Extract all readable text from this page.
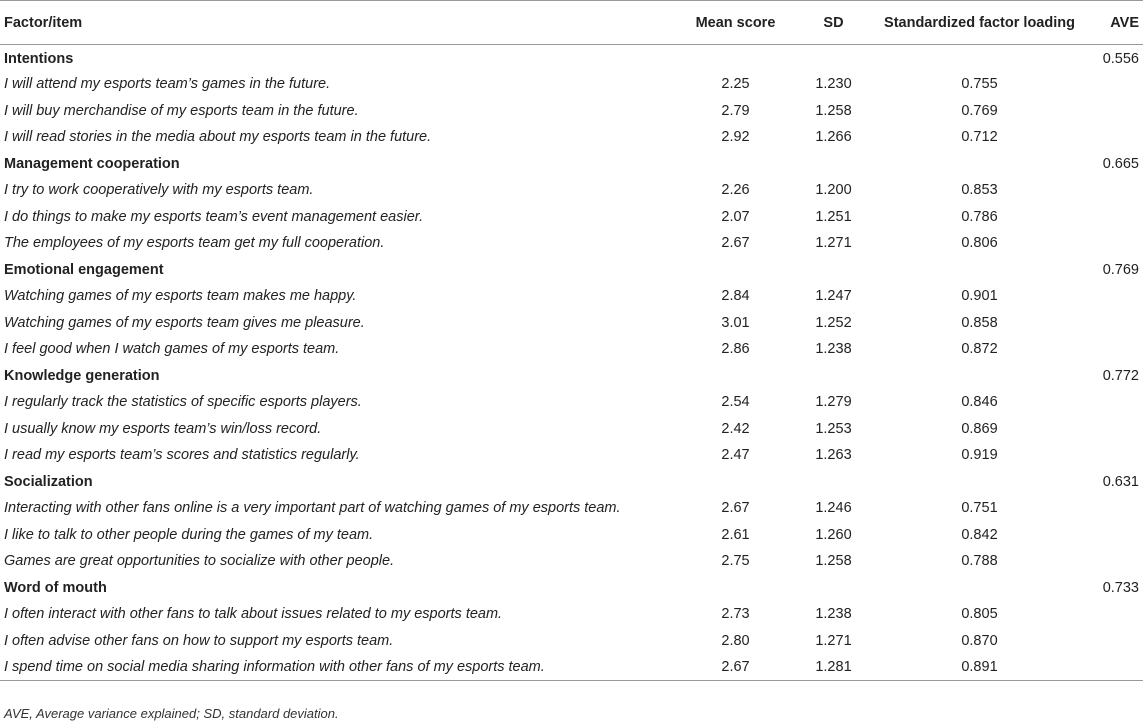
Factor/item	Mean score	SD	Standardized factor loading	AVE
Intentions				0.556
I will attend my esports team’s games in the future.	2.25	1.230	0.755	
I will buy merchandise of my esports team in the future.	2.79	1.258	0.769	
I will read stories in the media about my esports team in the future.	2.92	1.266	0.712	
Management cooperation				0.665
I try to work cooperatively with my esports team.	2.26	1.200	0.853	
I do things to make my esports team’s event management easier.	2.07	1.251	0.786	
The employees of my esports team get my full cooperation.	2.67	1.271	0.806	
Emotional engagement				0.769
Watching games of my esports team makes me happy.	2.84	1.247	0.901	
Watching games of my esports team gives me pleasure.	3.01	1.252	0.858	
I feel good when I watch games of my esports team.	2.86	1.238	0.872	
Knowledge generation				0.772
I regularly track the statistics of specific esports players.	2.54	1.279	0.846	
I usually know my esports team’s win/loss record.	2.42	1.253	0.869	
I read my esports team’s scores and statistics regularly.	2.47	1.263	0.919	
Socialization				0.631
Interacting with other fans online is a very important part of watching games of my esports team.	2.67	1.246	0.751	
I like to talk to other people during the games of my team.	2.61	1.260	0.842	
Games are great opportunities to socialize with other people.	2.75	1.258	0.788	
Word of mouth				0.733
I often interact with other fans to talk about issues related to my esports team.	2.73	1.238	0.805	
I often advise other fans on how to support my esports team.	2.80	1.271	0.870	
I spend time on social media sharing information with other fans of my esports team.	2.67	1.281	0.891	
AVE, Average variance explained; SD, standard deviation.
